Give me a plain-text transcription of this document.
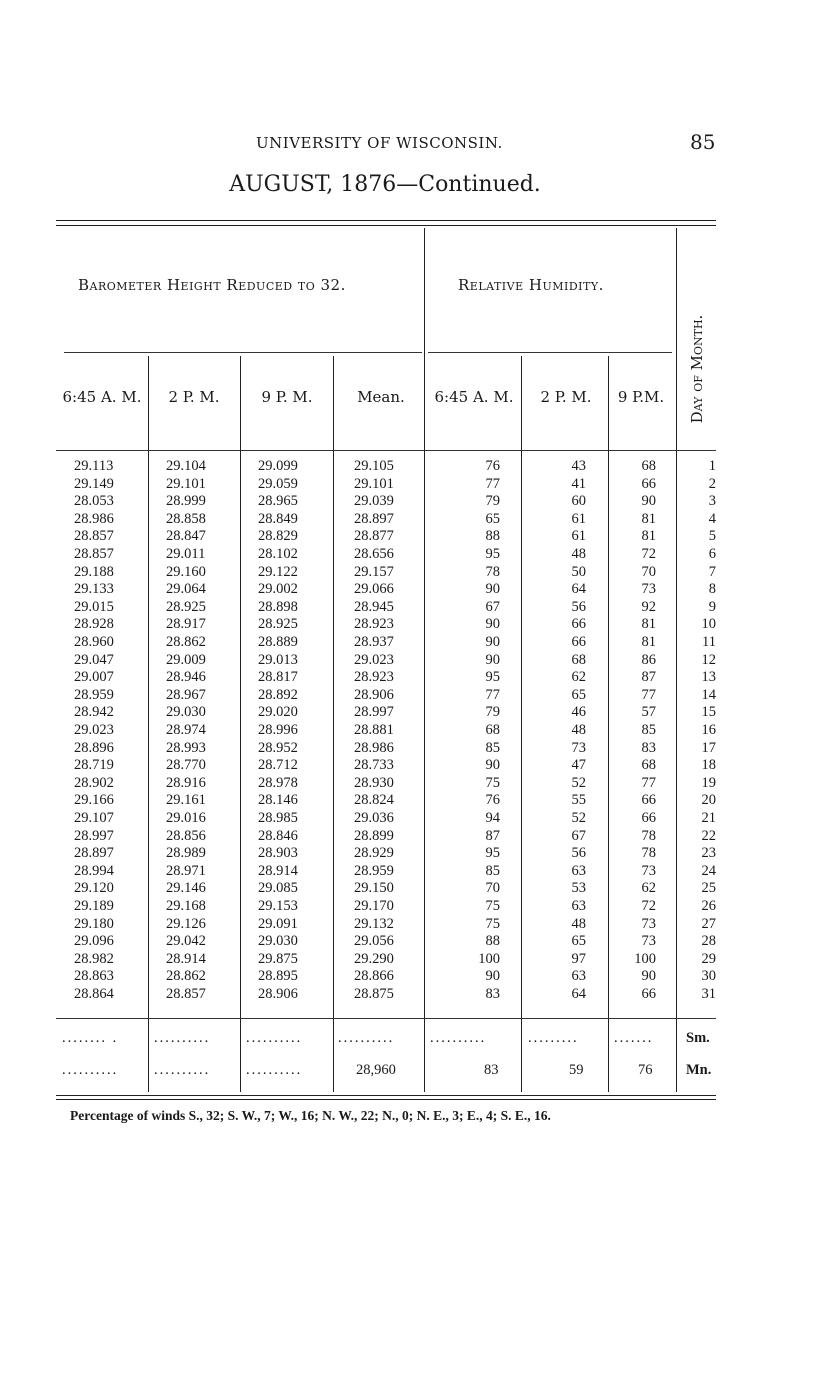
UNIVERSITY OF WISCONSIN.	85
AUGUST, 1876—Continued.
Barometer Height Reduced to 32.	Relative Humidity.
Day of Month.
6:45 A. M.	2 P. M.	9 P. M.	Mean.	6:45 A. M.	2 P. M.	9 P.M.
29.113	29.104	29.099	29.105	76	43	68	1
29.149	29.101	29.059	29.101	77	41	66	2
28.053	28.999	28.965	29.039	79	60	90	3
28.986	28.858	28.849	28.897	65	61	81	4
28.857	28.847	28.829	28.877	88	61	81	5
28.857	29.011	28.102	28.656	95	48	72	6
29.188	29.160	29.122	29.157	78	50	70	7
29.133	29.064	29.002	29.066	90	64	73	8
29.015	28.925	28.898	28.945	67	56	92	9
28.928	28.917	28.925	28.923	90	66	81	10
28.960	28.862	28.889	28.937	90	66	81	11
29.047	29.009	29.013	29.023	90	68	86	12
29.007	28.946	28.817	28.923	95	62	87	13
28.959	28.967	28.892	28.906	77	65	77	14
28.942	29.030	29.020	28.997	79	46	57	15
29.023	28.974	28.996	28.881	68	48	85	16
28.896	28.993	28.952	28.986	85	73	83	17
28.719	28.770	28.712	28.733	90	47	68	18
28.902	28.916	28.978	28.930	75	52	77	19
29.166	29.161	28.146	28.824	76	55	66	20
29.107	29.016	28.985	29.036	94	52	66	21
28.997	28.856	28.846	28.899	87	67	78	22
28.897	28.989	28.903	28.929	95	56	78	23
28.994	28.971	28.914	28.959	85	63	73	24
29.120	29.146	29.085	29.150	70	53	62	25
29.189	29.168	29.153	29.170	75	63	72	26
29.180	29.126	29.091	29.132	75	48	73	27
29.096	29.042	29.030	29.056	88	65	73	28
28.982	28.914	29.875	29.290	100	97	100	29
28.863	28.862	28.895	28.866	90	63	90	30
28.864	28.857	28.906	28.875	83	64	66	31
........ . .......... .......... .......... ..........	......... ....... Sm.
.......... .......... ..........	28,960	83	59	76 Mn.
Percentage of winds S., 32; S. W., 7; W., 16; N. W., 22; N., 0; N. E., 3; E., 4; S. E., 16.
